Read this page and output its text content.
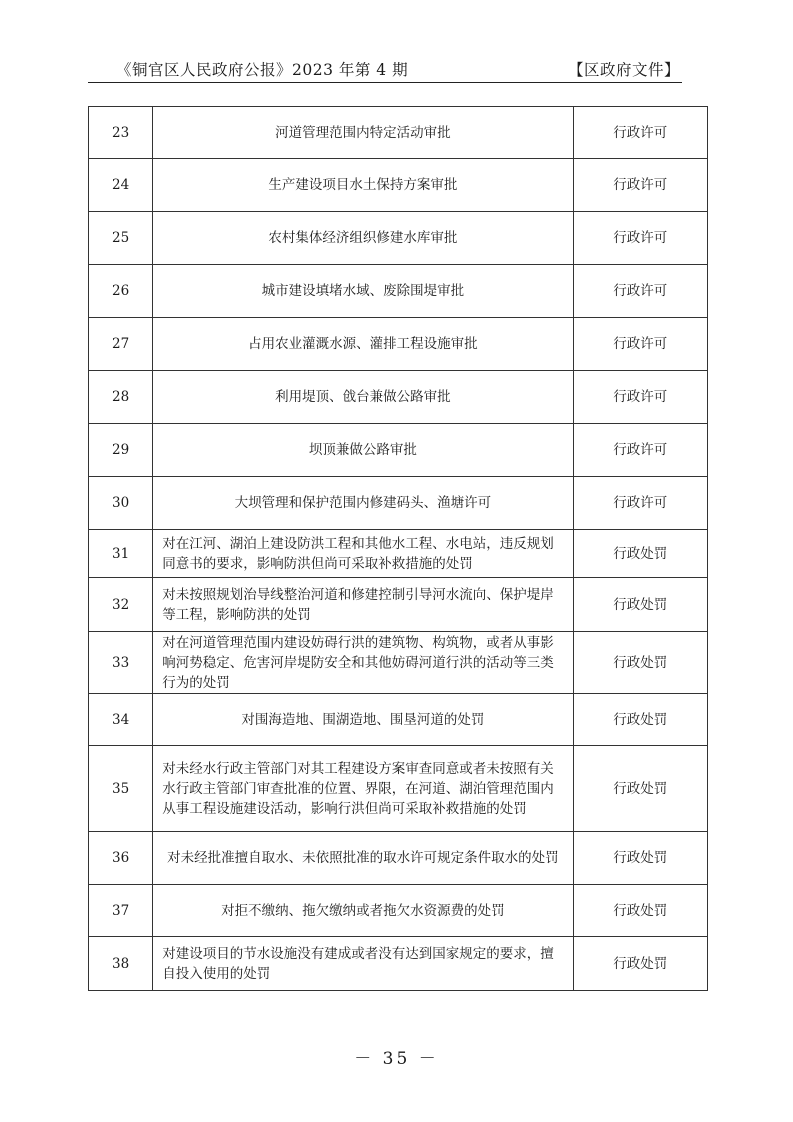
《铜官区人民政府公报》2023 年第 4 期	【区政府文件】
23	河道管理范围内特定活动审批	行政许可
24	生产建设项目水土保持方案审批	行政许可
25	农村集体经济组织修建水库审批	行政许可
26	城市建设填堵水域、废除围堤审批	行政许可
27	占用农业灌溉水源、灌排工程设施审批	行政许可
28	利用堤顶、戗台兼做公路审批	行政许可
29	坝顶兼做公路审批	行政许可
30	大坝管理和保护范围内修建码头、渔塘许可	行政许可
31	对在江河、湖泊上建设防洪工程和其他水工程、水电站，违反规划同意书的要求，影响防洪但尚可采取补救措施的处罚	行政处罚
32	对未按照规划治导线整治河道和修建控制引导河水流向、保护堤岸等工程，影响防洪的处罚	行政处罚
33	对在河道管理范围内建设妨碍行洪的建筑物、构筑物，或者从事影响河势稳定、危害河岸堤防安全和其他妨碍河道行洪的活动等三类行为的处罚	行政处罚
34	对围海造地、围湖造地、围垦河道的处罚	行政处罚
35	对未经水行政主管部门对其工程建设方案审查同意或者未按照有关水行政主管部门审查批准的位置、界限，在河道、湖泊管理范围内从事工程设施建设活动，影响行洪但尚可采取补救措施的处罚	行政处罚
36	对未经批准擅自取水、未依照批准的取水许可规定条件取水的处罚	行政处罚
37	对拒不缴纳、拖欠缴纳或者拖欠水资源费的处罚	行政处罚
38	对建设项目的节水设施没有建成或者没有达到国家规定的要求，擅自投入使用的处罚	行政处罚
－ 35 －
